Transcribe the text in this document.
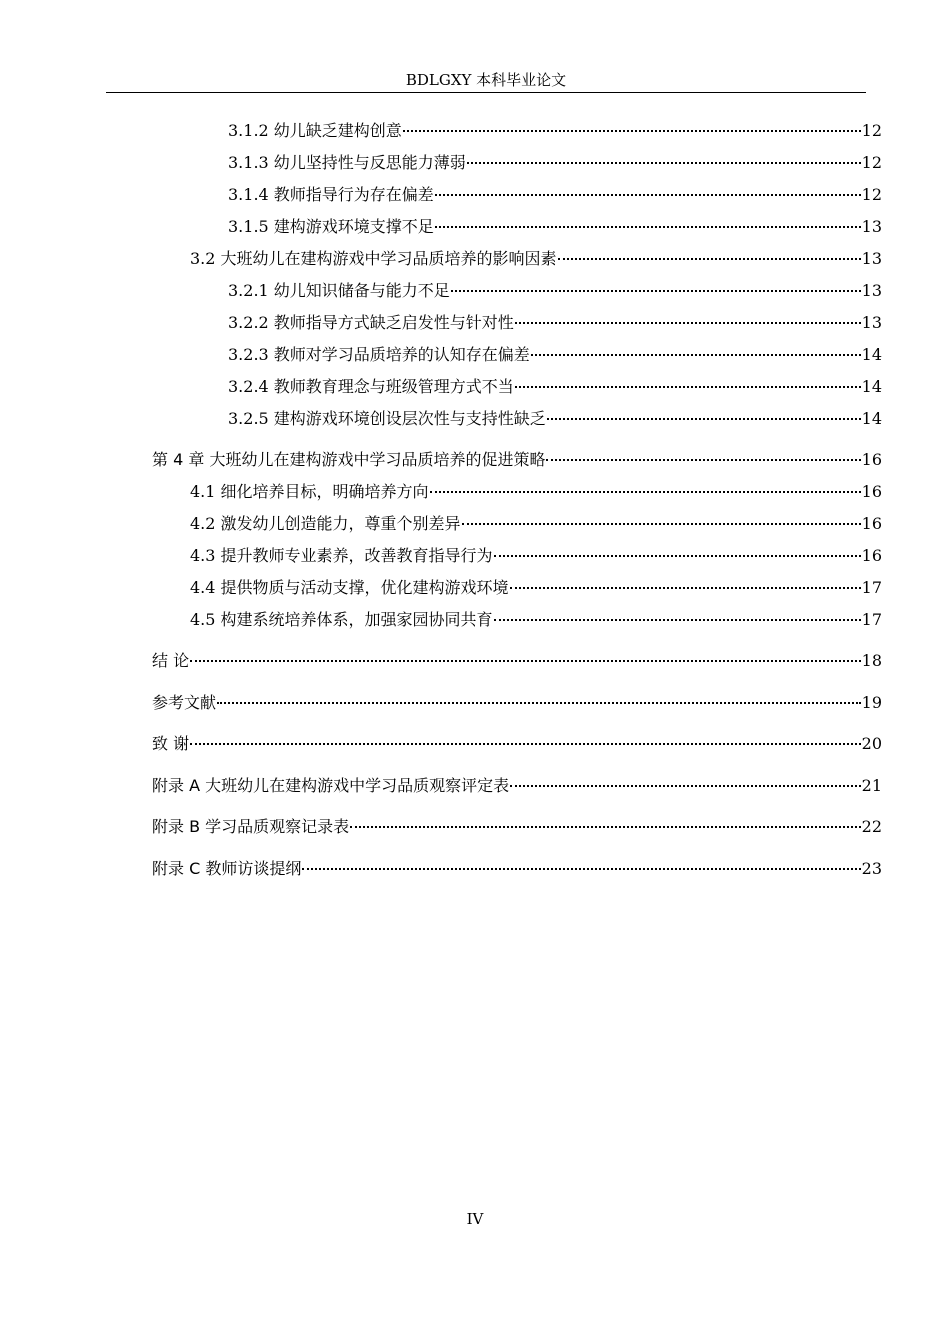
BDLGXY 本科毕业论文
3.1.2 幼儿缺乏建构创意	12
3.1.3 幼儿坚持性与反思能力薄弱	12
3.1.4 教师指导行为存在偏差	12
3.1.5 建构游戏环境支撑不足	13
3.2 大班幼儿在建构游戏中学习品质培养的影响因素	13
3.2.1 幼儿知识储备与能力不足	13
3.2.2 教师指导方式缺乏启发性与针对性	13
3.2.3 教师对学习品质培养的认知存在偏差	14
3.2.4 教师教育理念与班级管理方式不当	14
3.2.5 建构游戏环境创设层次性与支持性缺乏	14
第 4 章 大班幼儿在建构游戏中学习品质培养的促进策略	16
4.1 细化培养目标，明确培养方向	16
4.2 激发幼儿创造能力，尊重个别差异	16
4.3 提升教师专业素养，改善教育指导行为	16
4.4 提供物质与活动支撑，优化建构游戏环境	17
4.5 构建系统培养体系，加强家园协同共育	17
结 论	18
参考文献	19
致 谢	20
附录 A 大班幼儿在建构游戏中学习品质观察评定表	21
附录 B 学习品质观察记录表	22
附录 C 教师访谈提纲	23
IV
